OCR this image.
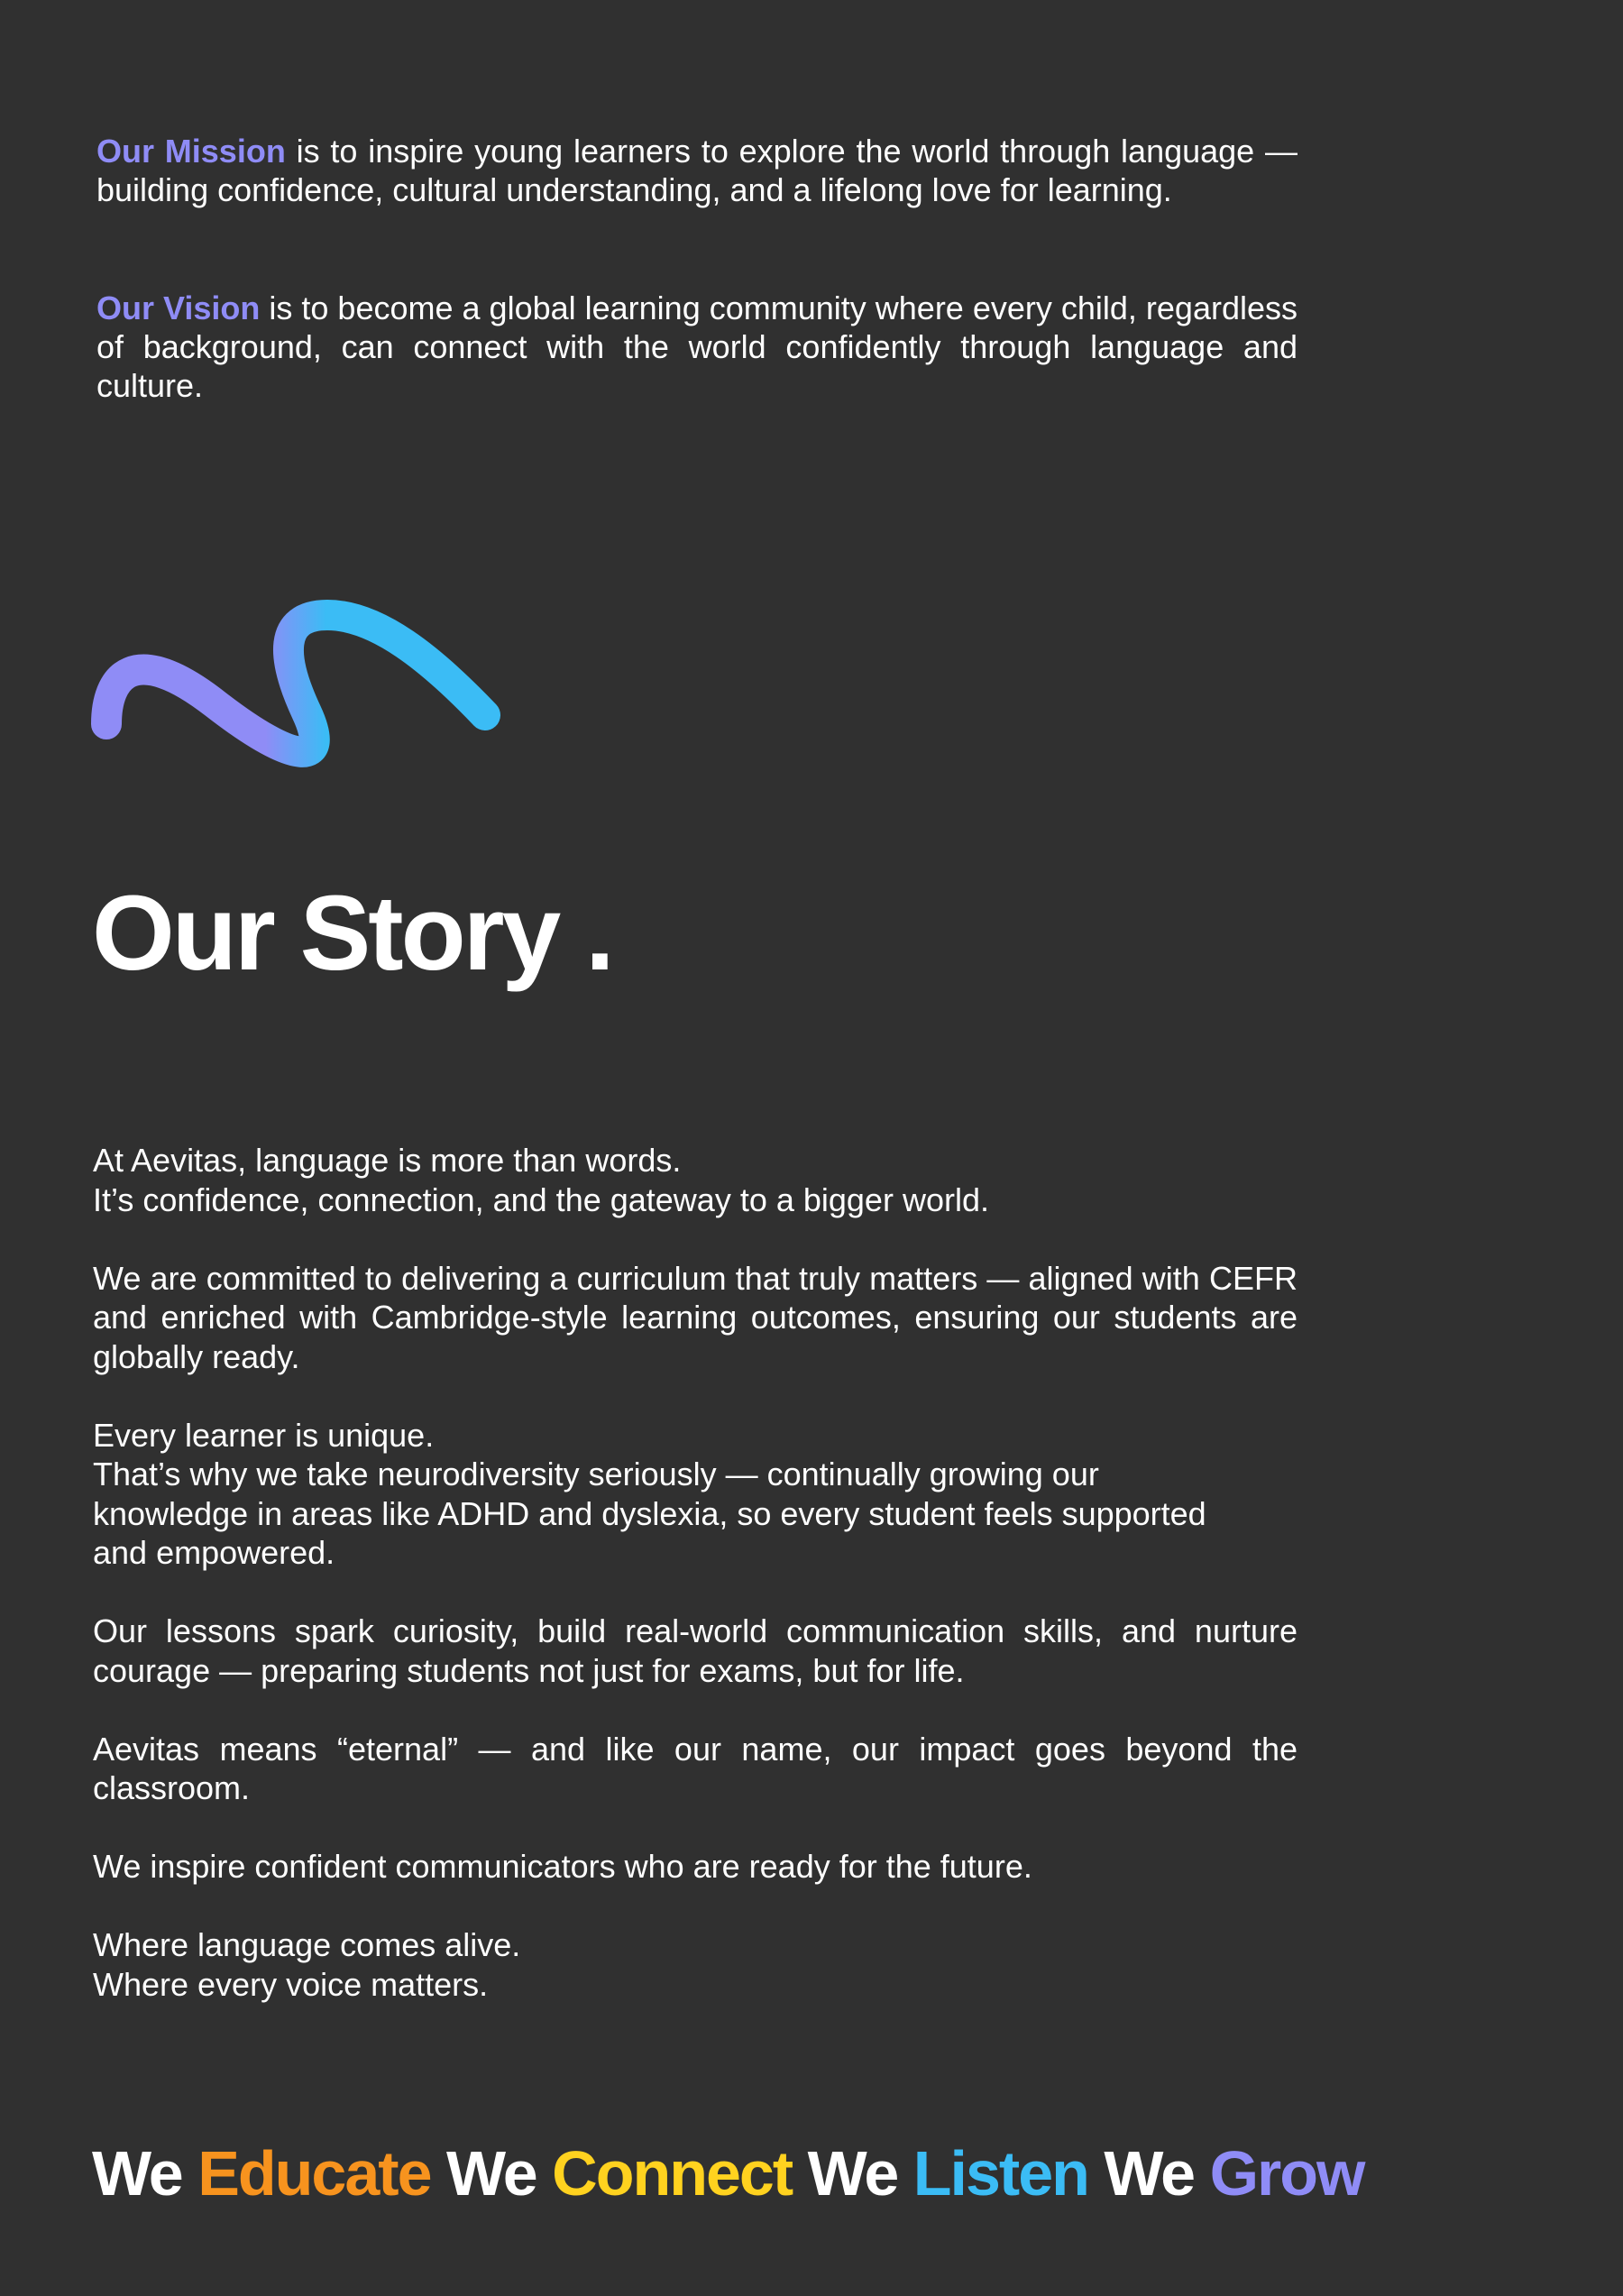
Our Mission is to inspire young learners to explore the world through language — building confidence, cultural understanding, and a lifelong love for learning.

Our Vision is to become a global learning community where every child, regardless of background, can connect with the world confidently through language and culture.

Our Story .

At Aevitas, language is more than words.
It’s confidence, connection, and the gateway to a bigger world.

We are committed to delivering a curriculum that truly matters — aligned with CEFR and enriched with Cambridge-style learning outcomes, ensuring our students are globally ready.

Every learner is unique.
That’s why we take neurodiversity seriously — continually growing our knowledge in areas like ADHD and dyslexia, so every student feels supported and empowered.

Our lessons spark curiosity, build real-world communication skills, and nurture courage — preparing students not just for exams, but for life.

Aevitas means “eternal” — and like our name, our impact goes beyond the classroom.

We inspire confident communicators who are ready for the future.

Where language comes alive.
Where every voice matters.

We Educate We Connect We Listen We Grow
